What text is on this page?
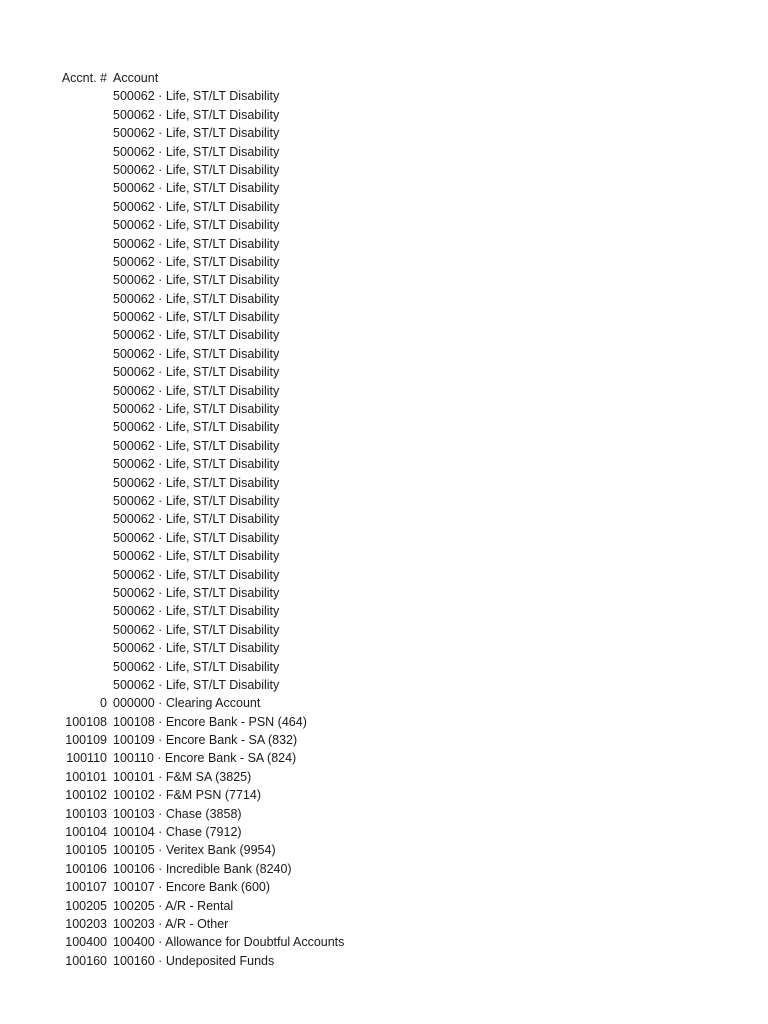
Accnt. # Account
500062 · Life, ST/LT Disability
500062 · Life, ST/LT Disability
500062 · Life, ST/LT Disability
500062 · Life, ST/LT Disability
500062 · Life, ST/LT Disability
500062 · Life, ST/LT Disability
500062 · Life, ST/LT Disability
500062 · Life, ST/LT Disability
500062 · Life, ST/LT Disability
500062 · Life, ST/LT Disability
500062 · Life, ST/LT Disability
500062 · Life, ST/LT Disability
500062 · Life, ST/LT Disability
500062 · Life, ST/LT Disability
500062 · Life, ST/LT Disability
500062 · Life, ST/LT Disability
500062 · Life, ST/LT Disability
500062 · Life, ST/LT Disability
500062 · Life, ST/LT Disability
500062 · Life, ST/LT Disability
500062 · Life, ST/LT Disability
500062 · Life, ST/LT Disability
500062 · Life, ST/LT Disability
500062 · Life, ST/LT Disability
500062 · Life, ST/LT Disability
500062 · Life, ST/LT Disability
500062 · Life, ST/LT Disability
500062 · Life, ST/LT Disability
500062 · Life, ST/LT Disability
500062 · Life, ST/LT Disability
500062 · Life, ST/LT Disability
500062 · Life, ST/LT Disability
500062 · Life, ST/LT Disability
0 000000 · Clearing Account
100108 100108 · Encore Bank - PSN (464)
100109 100109 · Encore Bank - SA (832)
100110 100110 · Encore Bank - SA (824)
100101 100101 · F&M SA (3825)
100102 100102 · F&M PSN (7714)
100103 100103 · Chase (3858)
100104 100104 · Chase (7912)
100105 100105 · Veritex Bank (9954)
100106 100106 · Incredible Bank (8240)
100107 100107 · Encore Bank (600)
100205 100205 · A/R - Rental
100203 100203 · A/R - Other
100400 100400 · Allowance for Doubtful Accounts
100160 100160 · Undeposited Funds
